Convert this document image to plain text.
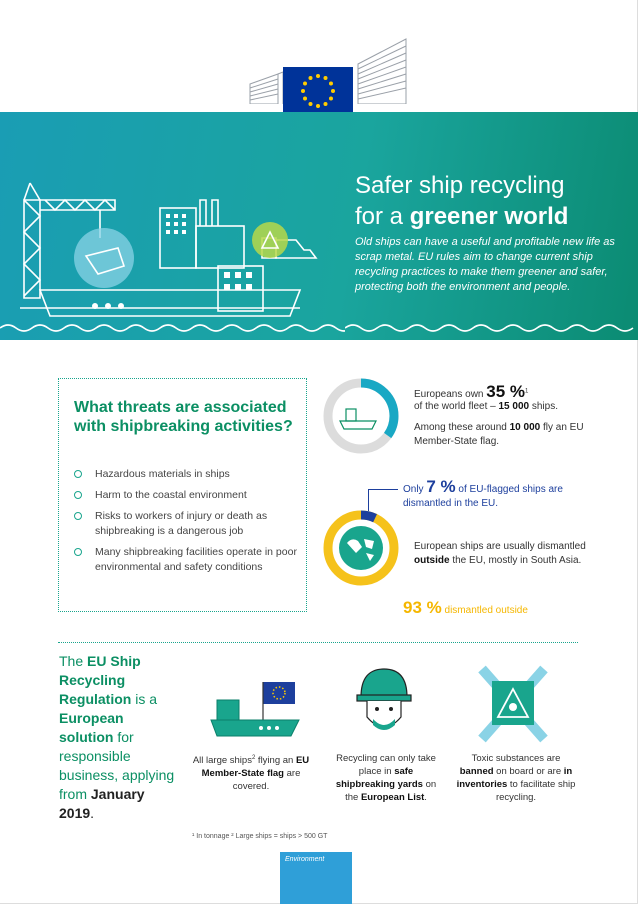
Safer ship recycling
for a greener world
Old ships can have a useful and profitable new life as scrap metal. EU rules aim to change current ship recycling practices to make them greener and safer, protecting both the environment and people.
What threats are associated with shipbreaking activities?
Hazardous materials in ships
Harm to the coastal environment
Risks to workers of injury or death as shipbreaking is a dangerous job
Many shipbreaking facilities operate in poor environmental and safety conditions
Europeans own 35 %$^1$
of the world fleet – 15 000 ships.
Among these around 10 000 fly an EU Member-State flag.
Only 7 % of EU-flagged ships are dismantled in the EU.
European ships are usually dismantled outside the EU, mostly in South Asia.
93 % dismantled outside
The EU Ship Recycling Regulation is a European solution for responsible business, applying from January 2019.
All large ships$^2$ flying an EU Member-State flag are covered.
Recycling can only take place in safe shipbreaking yards on the European List.
Toxic substances are banned on board or are in inventories to facilitate ship recycling.
¹ In tonnage ² Large ships = ships > 500 GT
Environment
